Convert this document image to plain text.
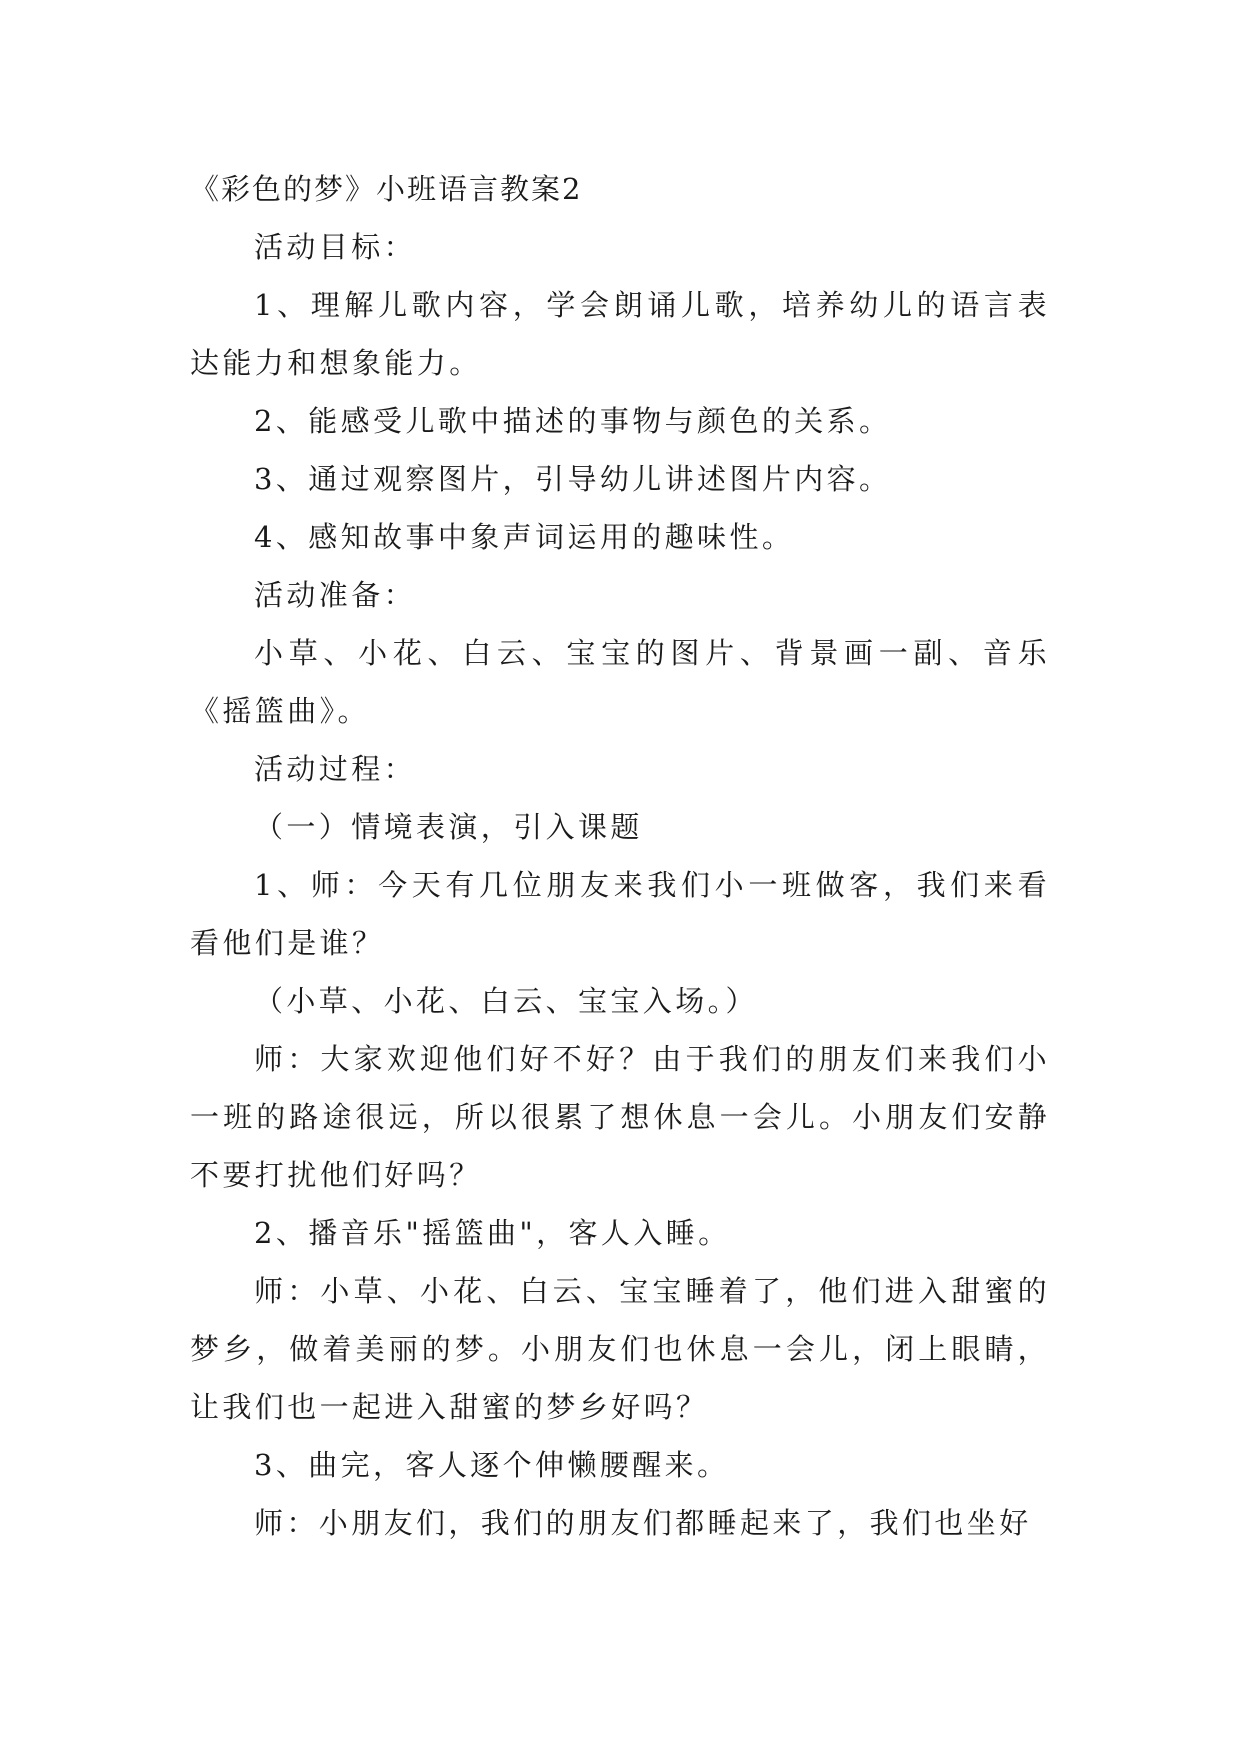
《彩色的梦》小班语言教案2

活动目标：

1、理解儿歌内容，学会朗诵儿歌，培养幼儿的语言表达能力和想象能力。

2、能感受儿歌中描述的事物与颜色的关系。

3、通过观察图片，引导幼儿讲述图片内容。

4、感知故事中象声词运用的趣味性。

活动准备：

小草、小花、白云、宝宝的图片、背景画一副、音乐《摇篮曲》。

活动过程：

（一）情境表演，引入课题

1、师：今天有几位朋友来我们小一班做客，我们来看看他们是谁？

（小草、小花、白云、宝宝入场。）

师：大家欢迎他们好不好？由于我们的朋友们来我们小一班的路途很远，所以很累了想休息一会儿。小朋友们安静不要打扰他们好吗？

2、播音乐"摇篮曲"，客人入睡。

师：小草、小花、白云、宝宝睡着了，他们进入甜蜜的梦乡，做着美丽的梦。小朋友们也休息一会儿，闭上眼睛，让我们也一起进入甜蜜的梦乡好吗？

3、曲完，客人逐个伸懒腰醒来。

师：小朋友们，我们的朋友们都睡起来了，我们也坐好
